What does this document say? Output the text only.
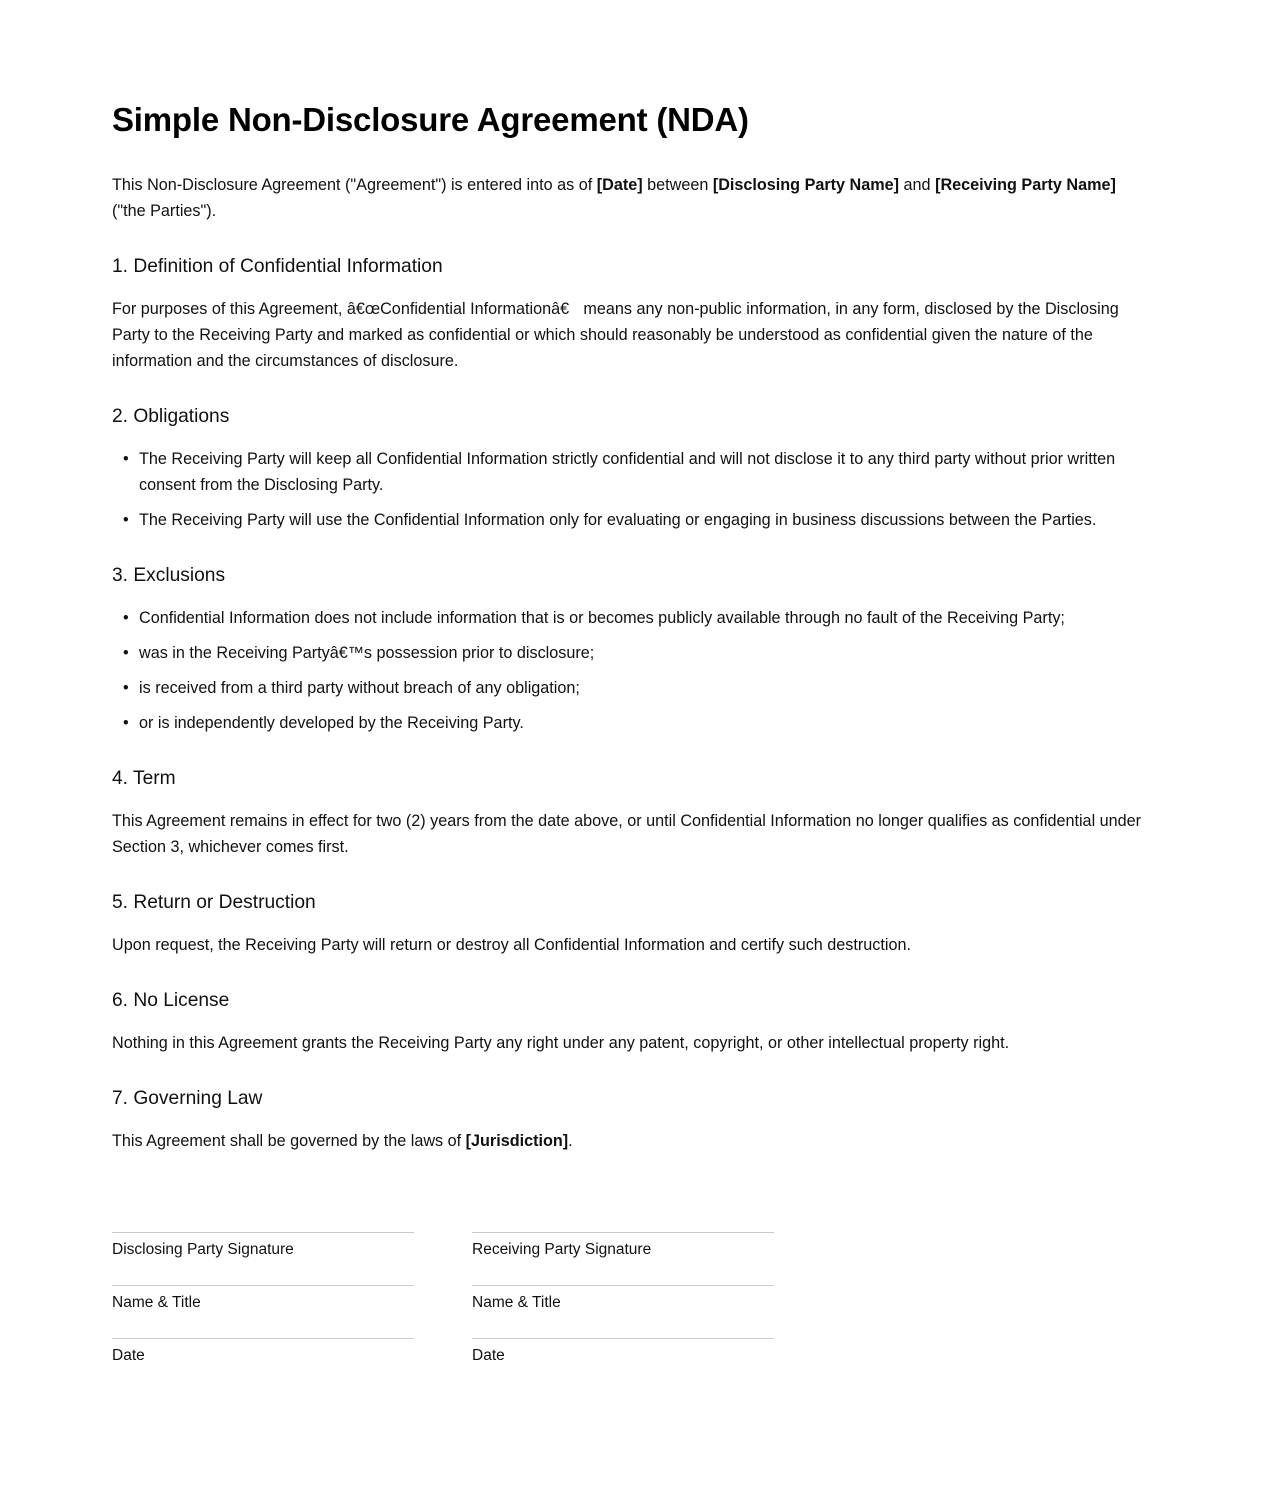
Simple Non-Disclosure Agreement (NDA)

This Non-Disclosure Agreement ("Agreement") is entered into as of [Date] between [Disclosing Party Name] and [Receiving Party Name] ("the Parties").

1. Definition of Confidential Information

For purposes of this Agreement, â€œConfidential Informationâ€ means any non-public information, in any form, disclosed by the Disclosing Party to the Receiving Party and marked as confidential or which should reasonably be understood as confidential given the nature of the information and the circumstances of disclosure.

2. Obligations
• The Receiving Party will keep all Confidential Information strictly confidential and will not disclose it to any third party without prior written consent from the Disclosing Party.
• The Receiving Party will use the Confidential Information only for evaluating or engaging in business discussions between the Parties.
3. Exclusions
• Confidential Information does not include information that is or becomes publicly available through no fault of the Receiving Party;
• was in the Receiving Partyâ€™s possession prior to disclosure;
• is received from a third party without breach of any obligation;
• or is independently developed by the Receiving Party.
4. Term

This Agreement remains in effect for two (2) years from the date above, or until Confidential Information no longer qualifies as confidential under Section 3, whichever comes first.

5. Return or Destruction

Upon request, the Receiving Party will return or destroy all Confidential Information and certify such destruction.

6. No License

Nothing in this Agreement grants the Receiving Party any right under any patent, copyright, or other intellectual property right.

7. Governing Law

This Agreement shall be governed by the laws of [Jurisdiction].

Disclosing Party Signature
Name & Title
Date
Receiving Party Signature
Name & Title
Date
